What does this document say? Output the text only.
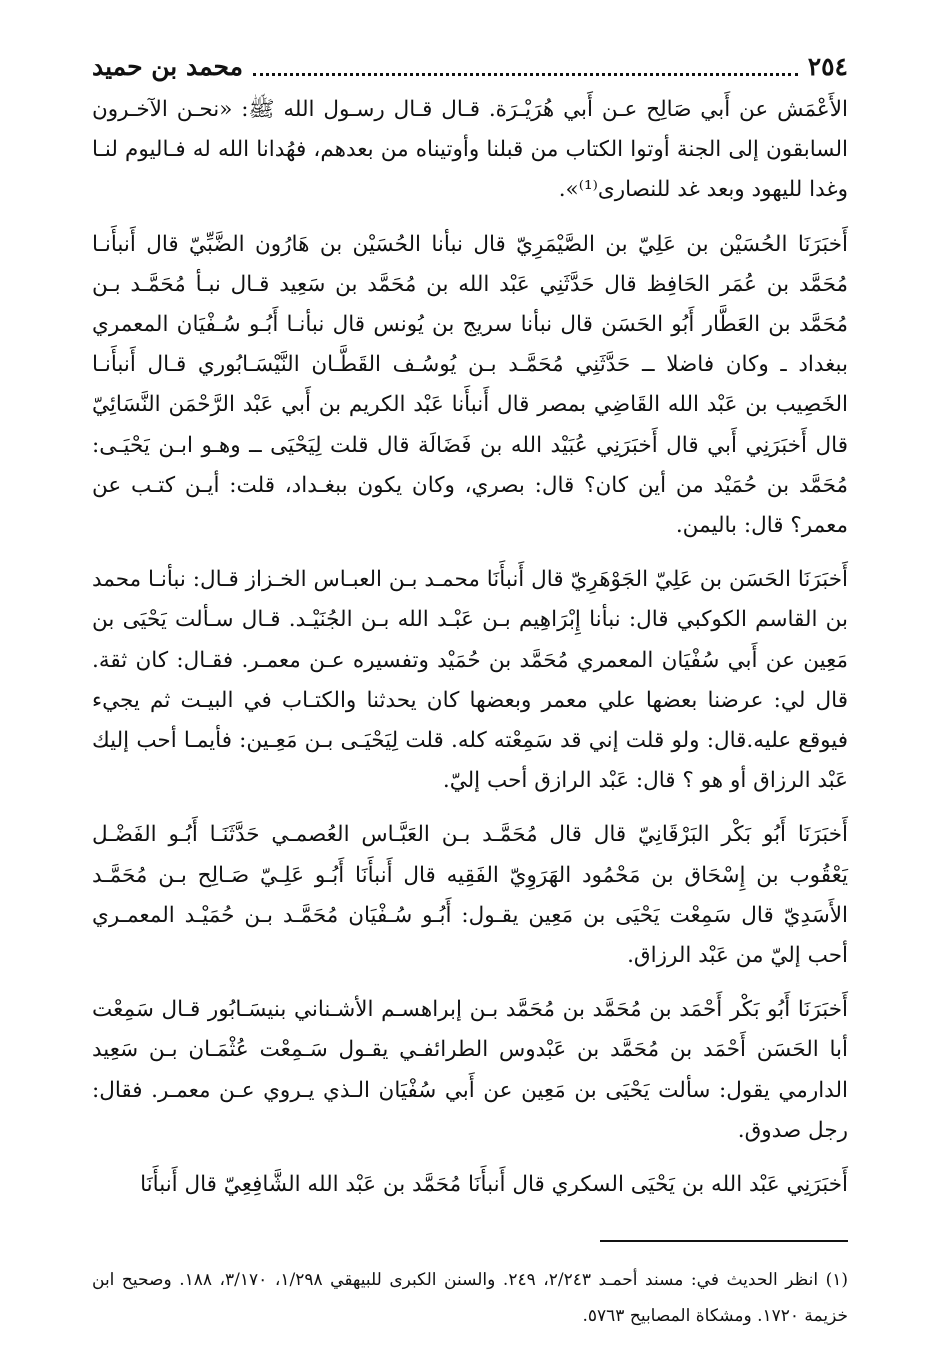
٢٥٤
محمد بن حميد

الأَعْمَش عن أَبي صَالِح عـن أَبي هُرَيْـرَة. قـال قـال رسـول الله ﷺ: «نحـن الآخـرون السابقون إلى الجنة أوتوا الكتاب من قبلنا وأوتيناه من بعدهم، فهُدانا الله له فـاليوم لنـا وغدا لليهود وبعد غد للنصارى⁽¹⁾».

أَخبَرَنَا الحُسَيْن بن عَلِيّ بن الصَّيْمَرِيّ قال نبأنا الحُسَيْن بن هَارُون الضَّبِّيّ قال أَنبأَنـا مُحَمَّد بن عُمَر الحَافِظ قال حَدَّثَنِي عَبْد الله بن مُحَمَّد بن سَعِيد قـال نبـأ مُحَمَّـد بـن مُحَمَّد بن العَطَّار أَبُو الحَسَن قال نبأنا سريج بن يُونس قال نبأنـا أَبُـو سُـفْيَان المعمري ببغداد ـ وكان فاضلا ــ حَدَّثَنِي مُحَمَّـد بـن يُوسُـف القَطَّـان النَّيْسَـابُوري قـال أَنبأَنـا الخَصِيب بن عَبْد الله القَاضِي بمصر قال أَنبأَنا عَبْد الكريم بن أَبي عَبْد الرَّحْمَن النَّسَائِيّ قال أَخبَرَنِي أَبي قال أَخبَرَنِي عُبَيْد الله بن فَضَالَة قال قلت لِيَحْيَى ــ وهـو ابـن يَحْيَـى: مُحَمَّد بن حُمَيْد من أين كان؟ قال: بصري، وكان يكون ببغـداد، قلت: أيـن كتـب عن معمر؟ قال: باليمن.

أَخبَرَنَا الحَسَن بن عَلِيّ الجَوْهَرِيّ قال أَنبأَنَا محمـد بـن العبـاس الخـزاز قـال: نبأنـا محمد بن القاسم الكوكبي قال: نبأنا إِبْرَاهِيم بـن عَبْـد الله بـن الجُنَيْـد. قـال سـألت يَحْيَى بن مَعِين عن أَبي سُفْيَان المعمري مُحَمَّد بن حُمَيْد وتفسيره عـن معمـر. فقـال: كان ثقة. قال لي: عرضنا بعضها علي معمر وبعضها كان يحدثنا والكتـاب في البيـت ثم يجيء فيوقع عليه.قال: ولو قلت إني قد سَمِعْته كله. قلت لِيَحْيَـى بـن مَعِـين: فأيمـا أحب إليك عَبْد الرزاق أو هو ؟ قال: عَبْد الرازق أحب إليّ.

أَخبَرَنَا أَبُو بَكْر البَرْقَانِيّ قال قال مُحَمَّـد بـن العَبَّـاس العُصمـي حَدَّثَنَـا أَبُـو الفَضْـل يَعْقُوب بن إِسْحَاق بن مَحْمُود الهَرَوِيّ الفَقِيه قال أَنبأَنَا أَبُـو عَلِـيّ صَـالِح بـن مُحَمَّـد الأَسَدِيّ قال سَمِعْت يَحْيَى بن مَعِين يقـول: أَبُـو سُـفْيَان مُحَمَّـد بـن حُمَيْـد المعمـري أحب إليّ من عَبْد الرزاق.

أَخبَرَنَا أَبُو بَكْر أَحْمَد بن مُحَمَّد بن مُحَمَّد بـن إبراهسـم الأشـناني بنيسَـابُور قـال سَمِعْت أبا الحَسَن أَحْمَد بن مُحَمَّد بن عَبْدوس الطرائفـي يقـول سَـمِعْت عُثْمَـان بـن سَعِيد الدارمي يقول: سألت يَحْيَى بن مَعِين عن أَبي سُفْيَان الـذي يـروي عـن معمـر. فقال: رجل صدوق.

أَخبَرَنِي عَبْد الله بن يَحْيَى السكري قال أَنبأَنَا مُحَمَّد بن عَبْد الله الشَّافِعِيّ قال أَنبأَنَا

(١) انظر الحديث في: مسند أحمـد ٢/٢٤٣، ٢٤٩. والسنن الكبرى للبيهقي ١/٢٩٨، ٣/١٧٠، ١٨٨. وصحيح ابن خزيمة ١٧٢٠. ومشكاة المصابيح ٥٧٦٣.
